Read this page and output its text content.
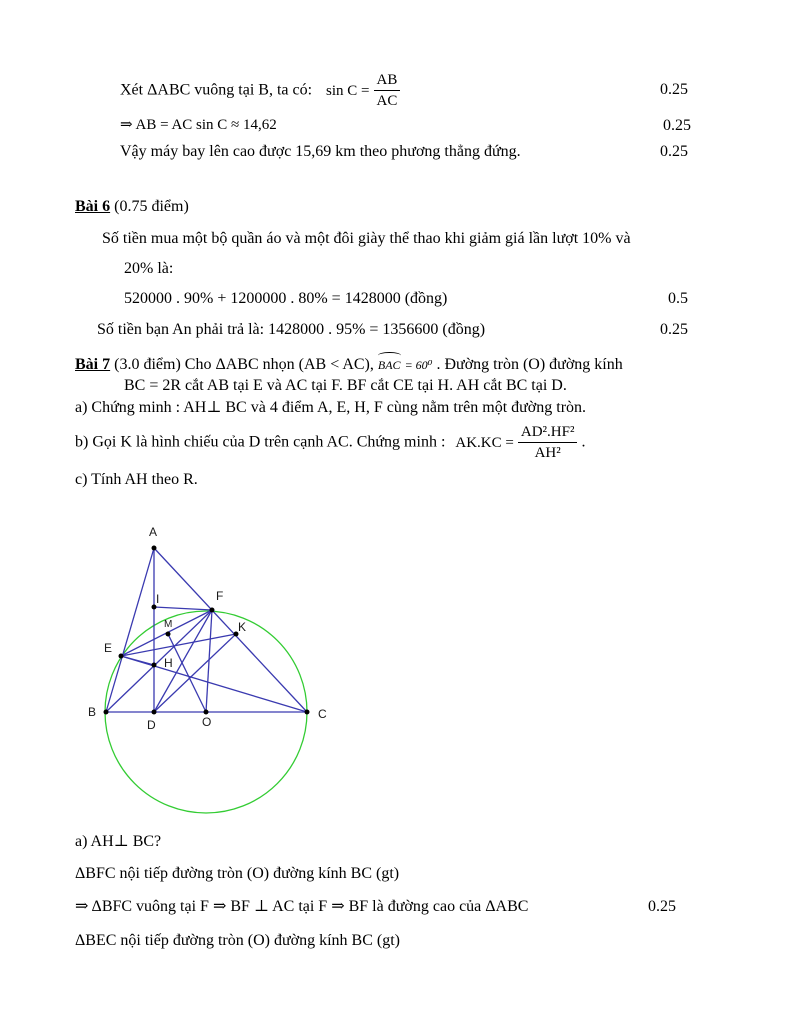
Xét ΔABC vuông tại B, ta có: $\sin C = \frac{AB}{AC}$	0.25
⇒ AB = AC sin C ≈ 14,62	0.25
Vậy máy bay lên cao được 15,69 km theo phương thẳng đứng.	0.25
Bài 6 (0.75 điểm)
Số tiền mua một bộ quần áo và một đôi giày thể thao khi giảm giá lần lượt 10% và
20% là:
520000 . 90% + 1200000 . 80% = 1428000 (đồng)	0.5
Số tiền bạn An phải trả là: 1428000 . 95% = 1356600 (đồng)	0.25
Bài 7 (3.0 điểm) Cho ΔABC nhọn (AB < AC), BAC = 60⁰ . Đường tròn (O) đường kính
BC = 2R cắt AB tại E và AC tại F. BF cắt CE tại H. AH cắt BC tại D.
a) Chứng minh : AH⊥ BC và 4 điểm A, E, H, F cùng nằm trên một đường tròn.
b) Gọi K là hình chiếu của D trên cạnh AC. Chứng minh : $AK.KC = \frac{\text{AD².HF²}}{\text{AH²}}$ .
c) Tính AH theo R.
A
I	F
M	K
E
H
B
D	O
C
a) AH⊥ BC?
ΔBFC nội tiếp đường tròn (O) đường kính BC (gt)
⇒ ΔBFC vuông tại F ⇒ BF ⊥ AC tại F ⇒ BF là đường cao của ΔABC	0.25
ΔBEC nội tiếp đường tròn (O) đường kính BC (gt)
